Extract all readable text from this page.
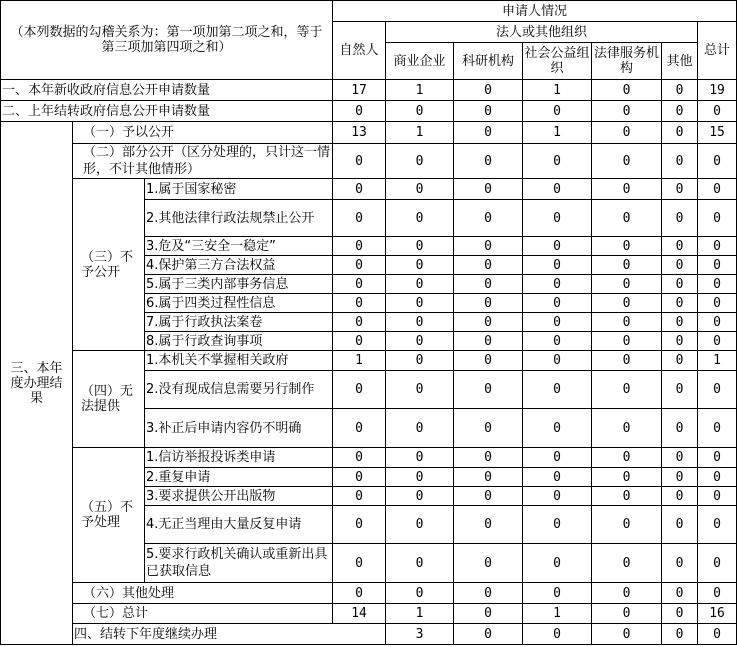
（本列数据的勾稽关系为：第一项加第二项之和，等于第三项加第四项之和）			申请人情况							
			自然人	法人或其他组织					总计	
				商业企业	科研机构	社会公益组织	法律服务机构	其他		
一、本年新收政府信息公开申请数量			17	1	0	1	0	0	19	
二、上年结转政府信息公开申请数量			0	0	0	0	0	0	0	
三、本年度办理结果	（一）予以公开		13	1	0	1	0	0	15	
	（二）部分公开（区分处理的，只计这一情形，不计其他情形）		0	0	0	0	0	0	0	
	（三）不予公开	1.属于国家秘密	0	0	0	0	0	0	0	
		2.其他法律行政法规禁止公开	0	0	0	0	0	0	0	
		3.危及“三安全一稳定”	0	0	0	0	0	0	0	
		4.保护第三方合法权益	0	0	0	0	0	0	0	
		5.属于三类内部事务信息	0	0	0	0	0	0	0	
		6.属于四类过程性信息	0	0	0	0	0	0	0	
		7.属于行政执法案卷	0	0	0	0	0	0	0	
		8.属于行政查询事项	0	0	0	0	0	0	0	
	（四）无法提供	1.本机关不掌握相关政府	1	0	0	0	0	0	1	
		2.没有现成信息需要另行制作	0	0	0	0	0	0	0	
		3.补正后申请内容仍不明确	0	0	0	0	0	0	0	
	（五）不予处理	1.信访举报投诉类申请	0	0	0	0	0	0	0	
		2.重复申请	0	0	0	0	0	0	0	
		3.要求提供公开出版物	0	0	0	0	0	0	0	
		4.无正当理由大量反复申请	0	0	0	0	0	0	0	
		5.要求行政机关确认或重新出具已获取信息	0	0	0	0	0	0	0	
	（六）其他处理		0	0	0	0	0	0	0	
	（七）总计		14	1	0	1	0	0	16	
	四、结转下年度继续办理			3	0	0	0	0	0	
